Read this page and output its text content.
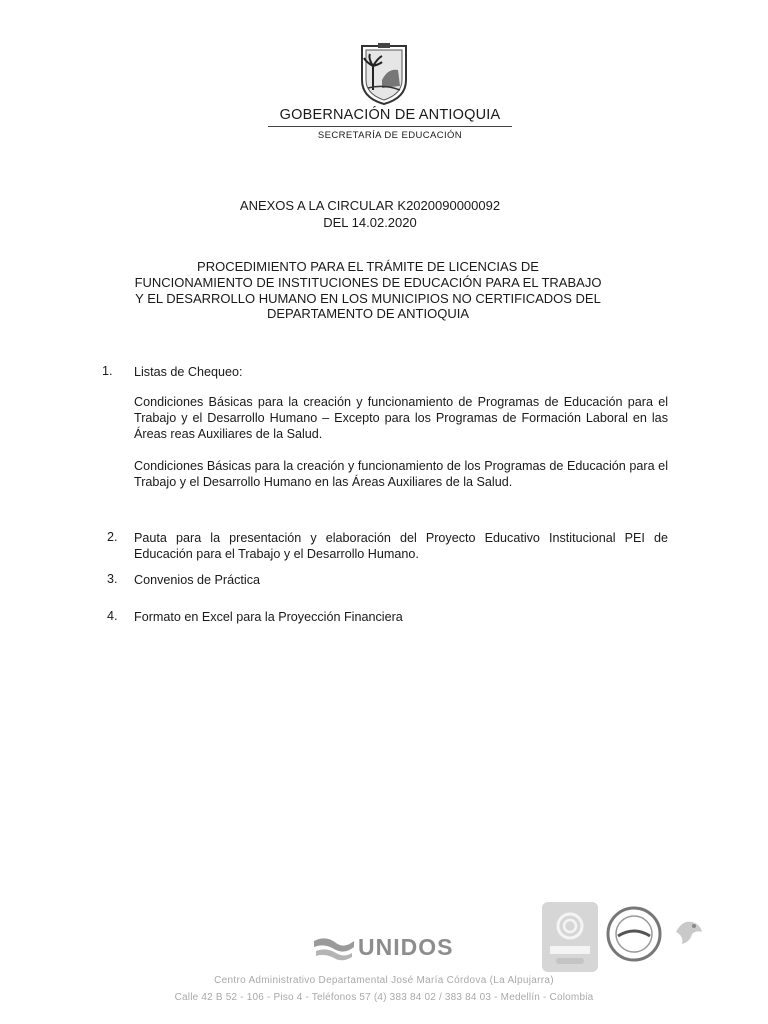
GOBERNACIÓN DE ANTIOQUIA
SECRETARÍA DE EDUCACIÓN
ANEXOS A LA CIRCULAR K2020090000092
DEL 14.02.2020
PROCEDIMIENTO PARA EL TRÁMITE DE LICENCIAS DE
FUNCIONAMIENTO DE INSTITUCIONES DE EDUCACIÓN PARA EL TRABAJO
Y EL DESARROLLO HUMANO EN LOS MUNICIPIOS NO CERTIFICADOS DEL
DEPARTAMENTO DE ANTIOQUIA
1. Listas de Chequeo:
Condiciones Básicas para la creación y funcionamiento de Programas de Educación para el Trabajo y el Desarrollo Humano – Excepto para los Programas de Formación Laboral en las Áreas reas Auxiliares de la Salud.
Condiciones Básicas para la creación y funcionamiento de los Programas de Educación para el Trabajo y el Desarrollo Humano en las Áreas Auxiliares de la Salud.
2. Pauta para la presentación y elaboración del Proyecto Educativo Institucional PEI de Educación para el Trabajo y el Desarrollo Humano.
3. Convenios de Práctica
4. Formato en Excel para la Proyección Financiera
UNIDOS
Centro Administrativo Departamental José María Córdova (La Alpujarra)
Calle 42 B 52 - 106 - Piso 4 - Teléfonos 57 (4) 383 84 02 / 383 84 03 - Medellín - Colombia
